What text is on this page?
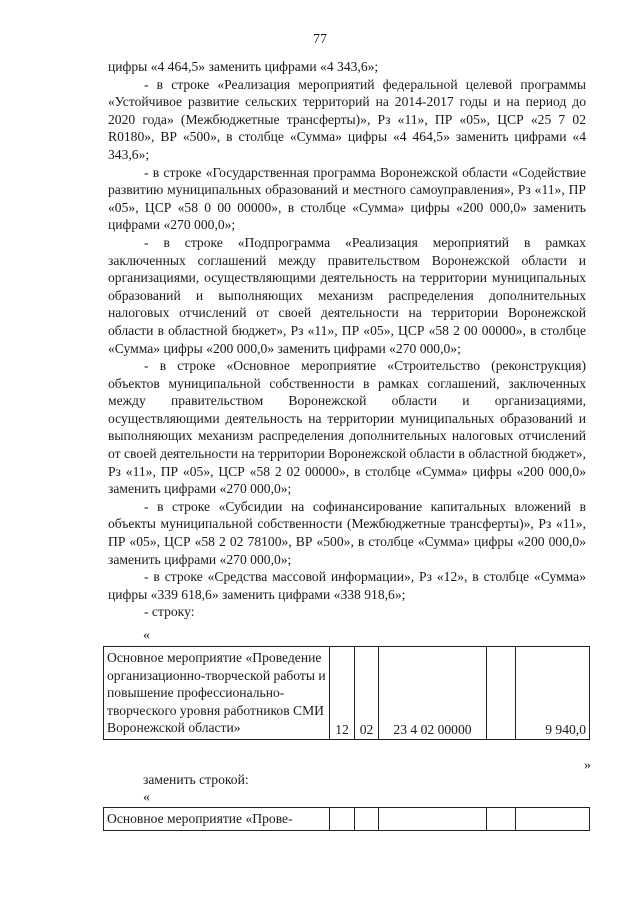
77

цифры «4 464,5» заменить цифрами «4 343,6»;

- в строке «Реализация мероприятий федеральной целевой программы «Устойчивое развитие сельских территорий на 2014-2017 годы и на период до 2020 года» (Межбюджетные трансферты)», Рз «11», ПР «05», ЦСР «25 7 02 R0180», ВР «500», в столбце «Сумма» цифры «4 464,5» заменить цифрами «4 343,6»;

- в строке «Государственная программа Воронежской области «Содействие развитию муниципальных образований и местного самоуправления», Рз «11», ПР «05», ЦСР «58 0 00 00000», в столбце «Сумма» цифры «200 000,0» заменить цифрами «270 000,0»;

- в строке «Подпрограмма «Реализация мероприятий в рамках заключенных соглашений между правительством Воронежской области и организациями, осуществляющими деятельность на территории муниципальных образований и выполняющих механизм распределения дополнительных налоговых отчислений от своей деятельности на территории Воронежской области в областной бюджет», Рз «11», ПР «05», ЦСР «58 2 00 00000», в столбце «Сумма» цифры «200 000,0» заменить цифрами «270 000,0»;

- в строке «Основное мероприятие «Строительство (реконструкция) объектов муниципальной собственности в рамках соглашений, заключенных между правительством Воронежской области и организациями, осуществляющими деятельность на территории муниципальных образований и выполняющих механизм распределения дополнительных налоговых отчислений от своей деятельности на территории Воронежской области в областной бюджет», Рз «11», ПР «05», ЦСР «58 2 02 00000», в столбце «Сумма» цифры «200 000,0» заменить цифрами «270 000,0»;

- в строке «Субсидии на софинансирование капитальных вложений в объекты муниципальной собственности (Межбюджетные трансферты)», Рз «11», ПР «05», ЦСР «58 2 02 78100», ВР «500», в столбце «Сумма» цифры «200 000,0» заменить цифрами «270 000,0»;

- в строке «Средства массовой информации», Рз «12», в столбце «Сумма» цифры «339 618,6» заменить цифрами «338 918,6»;

- строку:

«
Основное мероприятие «Проведение организационно-творческой работы и повышение профессионально-творческого уровня работников СМИ Воронежской области»	12	02	23 4 02 00000		9 940,0
»
заменить строкой:
«
Основное мероприятие «Прове-
